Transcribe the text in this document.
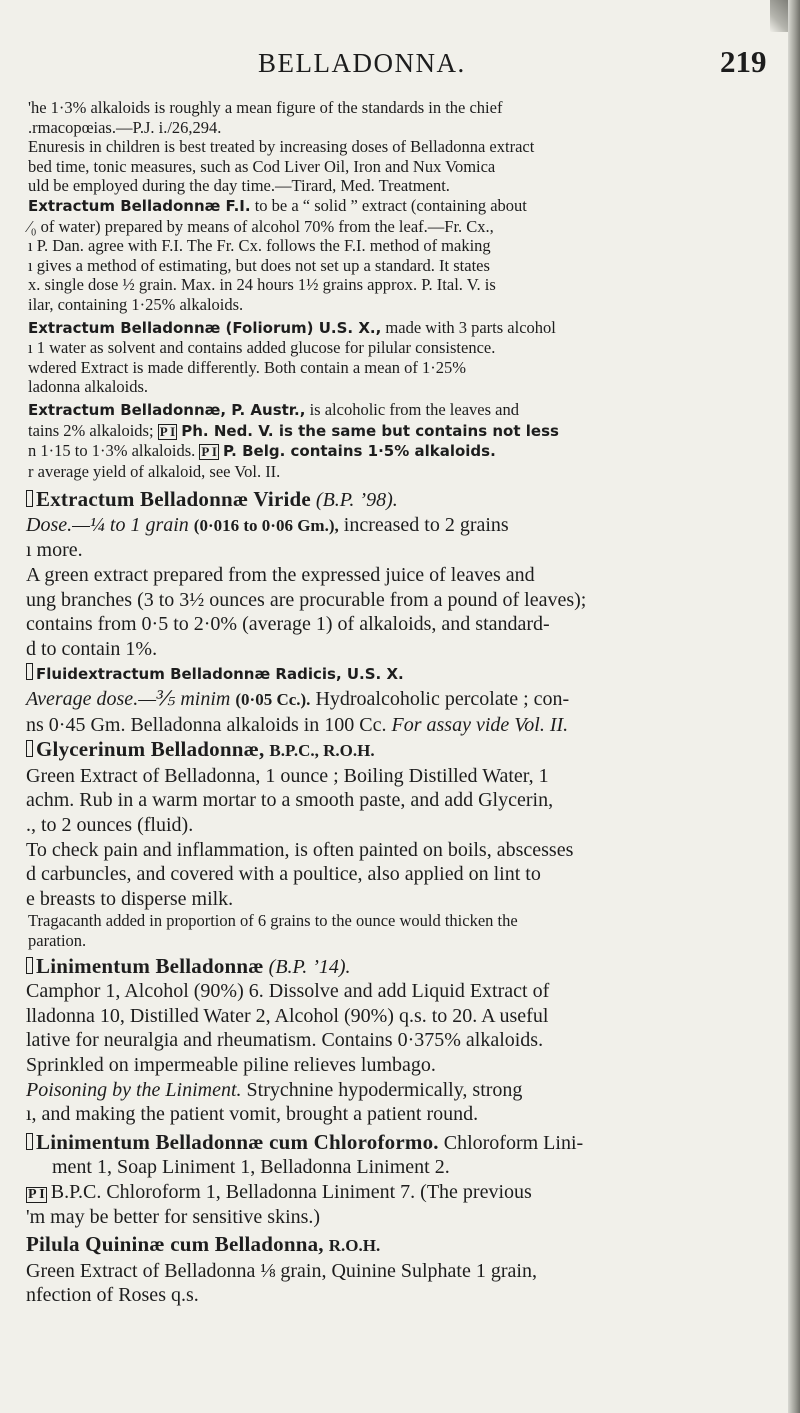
BELLADONNA.	219

'he 1·3% alkaloids is roughly a mean figure of the standards in the chief

.rmacopœias.—P.J. i./26,294.

Enuresis in children is best treated by increasing doses of Belladonna extract

bed time, tonic measures, such as Cod Liver Oil, Iron and Nux Vomica

uld be employed during the day time.—Tirard, Med. Treatment.

Extractum Belladonnæ F.I. to be a “ solid ” extract (containing about

⁄₀ of water) prepared by means of alcohol 70% from the leaf.—Fr. Cx.,

ı P. Dan. agree with F.I. The Fr. Cx. follows the F.I. method of making

ı gives a method of estimating, but does not set up a standard. It states

x. single dose ½ grain. Max. in 24 hours 1½ grains approx. P. Ital. V. is

ilar, containing 1·25% alkaloids.

Extractum Belladonnæ (Foliorum) U.S. X., made with 3 parts alcohol

ı 1 water as solvent and contains added glucose for pilular consistence.

wdered Extract is made differently. Both contain a mean of 1·25%

ladonna alkaloids.

Extractum Belladonnæ, P. Austr., is alcoholic from the leaves and

tains 2% alkaloids; P I Ph. Ned. V. is the same but contains not less

n 1·15 to 1·3% alkaloids. P I P. Belg. contains 1·5% alkaloids.

r average yield of alkaloid, see Vol. II.

Extractum Belladonnæ Viride (B.P. ’98).

Dose.—¼ to 1 grain (0·016 to 0·06 Gm.), increased to 2 grains

ı more.

A green extract prepared from the expressed juice of leaves and

ung branches (3 to 3½ ounces are procurable from a pound of leaves);

contains from 0·5 to 2·0% (average 1) of alkaloids, and standard-

d to contain 1%.

Fluidextractum Belladonnæ Radicis, U.S. X.

Average dose.—⅗ minim (0·05 Cc.). Hydroalcoholic percolate ; con-

ns 0·45 Gm. Belladonna alkaloids in 100 Cc. For assay vide Vol. II.

Glycerinum Belladonnæ, B.P.C., R.O.H.

Green Extract of Belladonna, 1 ounce ; Boiling Distilled Water, 1

achm. Rub in a warm mortar to a smooth paste, and add Glycerin,

., to 2 ounces (fluid).

To check pain and inflammation, is often painted on boils, abscesses

d carbuncles, and covered with a poultice, also applied on lint to

e breasts to disperse milk.

Tragacanth added in proportion of 6 grains to the ounce would thicken the

paration.

Linimentum Belladonnæ (B.P. ’14).

Camphor 1, Alcohol (90%) 6. Dissolve and add Liquid Extract of

lladonna 10, Distilled Water 2, Alcohol (90%) q.s. to 20. A useful

lative for neuralgia and rheumatism. Contains 0·375% alkaloids.

Sprinkled on impermeable piline relieves lumbago.

Poisoning by the Liniment. Strychnine hypodermically, strong

ı, and making the patient vomit, brought a patient round.

Linimentum Belladonnæ cum Chloroformo. Chloroform Lini-

ment 1, Soap Liniment 1, Belladonna Liniment 2.

P I B.P.C. Chloroform 1, Belladonna Liniment 7. (The previous

'm may be better for sensitive skins.)

Pilula Quininæ cum Belladonna, R.O.H.

Green Extract of Belladonna ⅛ grain, Quinine Sulphate 1 grain,

nfection of Roses q.s.
